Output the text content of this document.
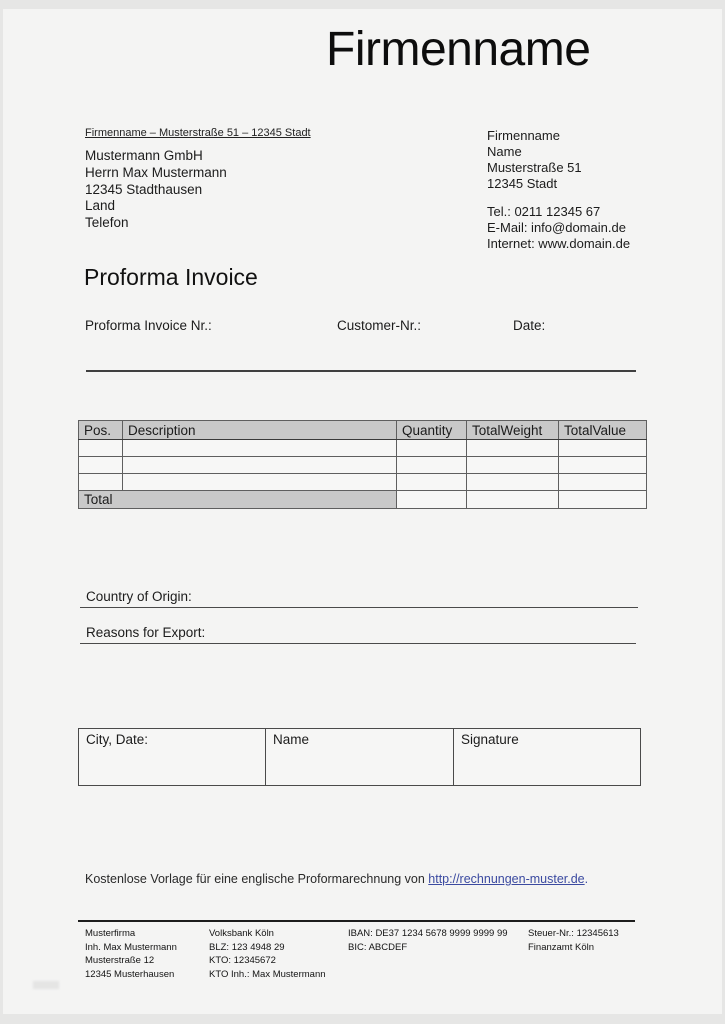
Firmenname
Firmenname – Musterstraße 51 – 12345 Stadt
Mustermann GmbH
Herrn Max Mustermann
12345 Stadthausen
Land
Telefon
Firmenname
Name
Musterstraße 51
12345 Stadt
Tel.: 0211 12345 67
E-Mail: info@domain.de
Internet: www.domain.de
Proforma Invoice
Proforma Invoice Nr.:	Customer-Nr.:	Date:
Pos.	Description	Quantity	TotalWeight	TotalValue

Total				
Country of Origin:
Reasons for Export:
City, Date:	Name	Signature
Kostenlose Vorlage für eine englische Proformarechnung von http://rechnungen-muster.de.
Musterfirma
Inh. Max Mustermann
Musterstraße 12
12345 Musterhausen
Volksbank Köln
BLZ: 123 4948 29
KTO: 12345672
KTO Inh.: Max Mustermann
IBAN: DE37 1234 5678 9999 9999 99
BIC: ABCDEF
Steuer-Nr.: 12345613
Finanzamt Köln
